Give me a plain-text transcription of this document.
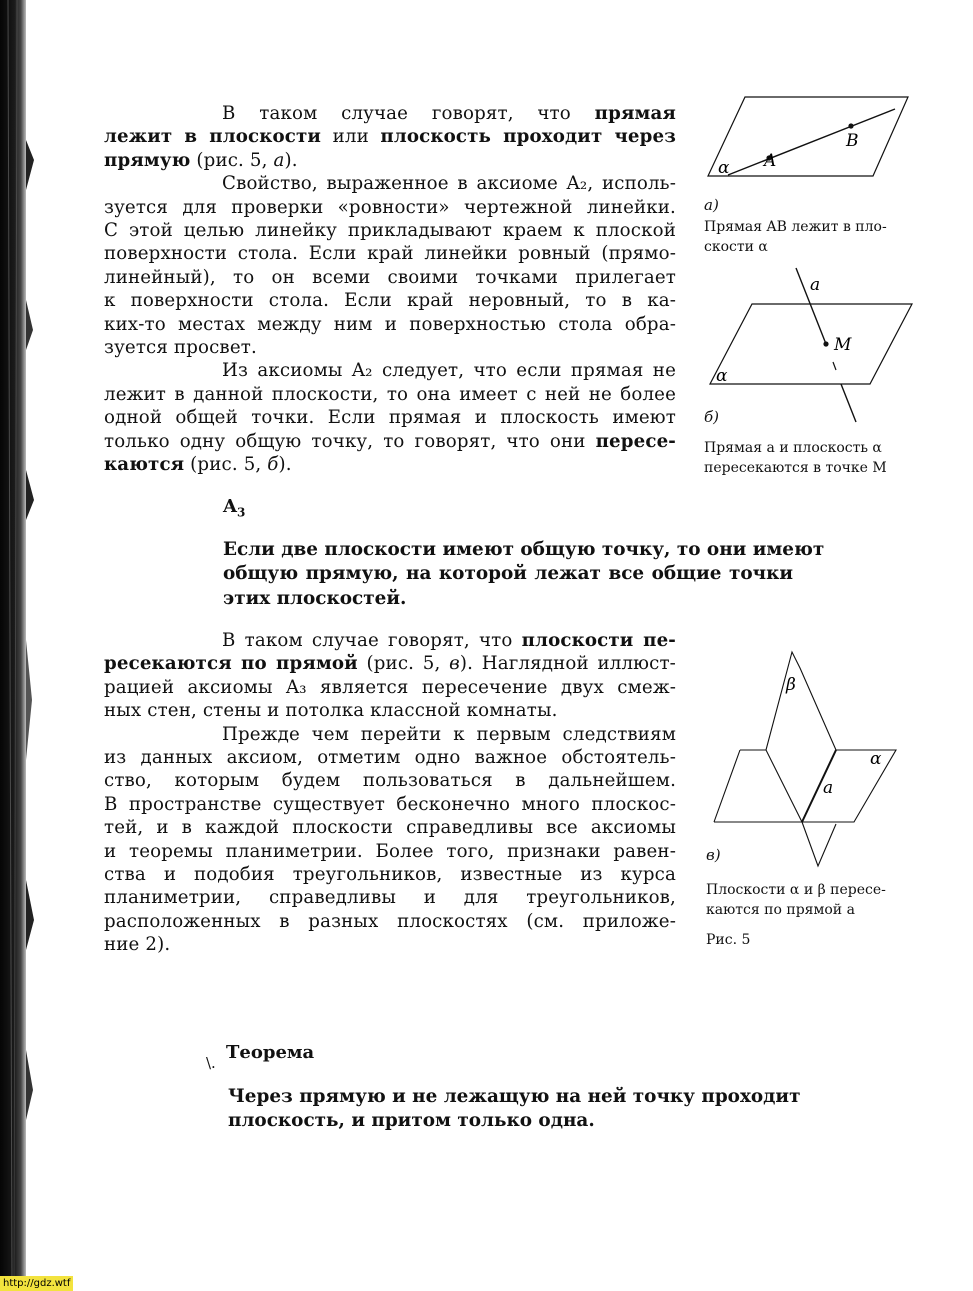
В таком случае говорят, что прямая
лежит в плоскости или плоскость проходит через
прямую (рис. 5, а).
Свойство, выраженное в аксиоме A₂, исполь-
зуется для проверки «ровности» чертежной линейки.
С этой целью линейку прикладывают краем к плоской
поверхности стола. Если край линейки ровный (прямо-
линейный), то он всеми своими точками прилегает
к поверхности стола. Если край неровный, то в ка-
ких-то местах между ним и поверхностью стола обра-
зуется просвет.
Из аксиомы A₂ следует, что если прямая не
лежит в данной плоскости, то она имеет с ней не более
одной общей точки. Если прямая и плоскость имеют
только одну общую точку, то говорят, что они пересе-
каются (рис. 5, б).
$A_3$
Если две плоскости имеют общую точку, то они имеют
общую прямую, на которой лежат все общие точки
этих плоскостей.
В таком случае говорят, что плоскости пе-
ресекаются по прямой (рис. 5, в). Наглядной иллюст-
рацией аксиомы A₃ является пересечение двух смеж-
ных стен, стены и потолка классной комнаты.
Прежде чем перейти к первым следствиям
из данных аксиом, отметим одно важное обстоятель-
ство, которым будем пользоваться в дальнейшем.
В пространстве существует бесконечно много плоскос-
тей, и в каждой плоскости справедливы все аксиомы
и теоремы планиметрии. Более того, признаки равен-
ства и подобия треугольников, известные из курса
планиметрии, справедливы и для треугольников,
расположенных в разных плоскостях (см. приложе-
ние 2).
α A
B
а)
Прямая AB лежит в пло-
скости α
a
M
α
б)
Прямая a и плоскость α
пересекаются в точке M
β
α
a
в)
Плоскости α и β пересе-
каются по прямой a
Рис. 5
\. Теорема
Через прямую и не лежащую на ней точку проходит
плоскость, и притом только одна.
http://gdz.wtf
